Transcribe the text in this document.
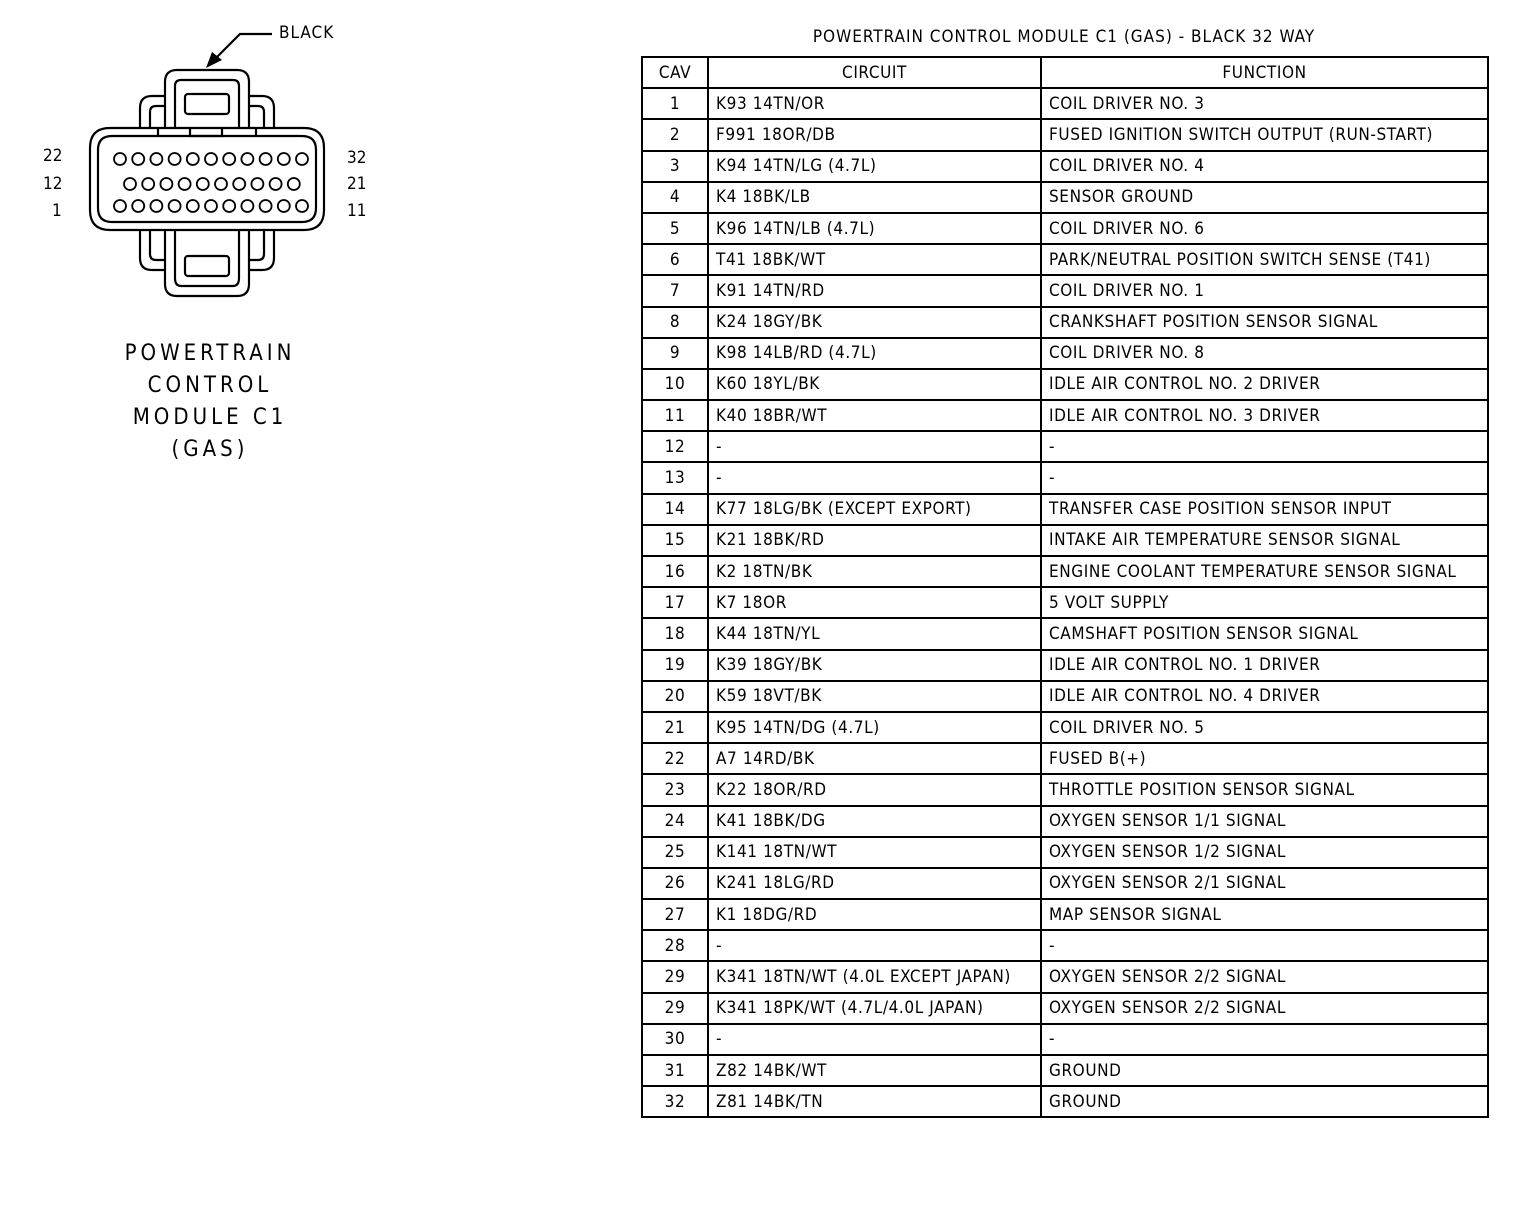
BLACK
22
12
1
32
21
11
POWERTRAIN
CONTROL
MODULE C1
(GAS)
POWERTRAIN CONTROL MODULE C1 (GAS) - BLACK 32 WAY
CAV	CIRCUIT	FUNCTION
1	K93 14TN/OR	COIL DRIVER NO. 3
2	F991 18OR/DB	FUSED IGNITION SWITCH OUTPUT (RUN-START)
3	K94 14TN/LG (4.7L)	COIL DRIVER NO. 4
4	K4 18BK/LB	SENSOR GROUND
5	K96 14TN/LB (4.7L)	COIL DRIVER NO. 6
6	T41 18BK/WT	PARK/NEUTRAL POSITION SWITCH SENSE (T41)
7	K91 14TN/RD	COIL DRIVER NO. 1
8	K24 18GY/BK	CRANKSHAFT POSITION SENSOR SIGNAL
9	K98 14LB/RD (4.7L)	COIL DRIVER NO. 8
10	K60 18YL/BK	IDLE AIR CONTROL NO. 2 DRIVER
11	K40 18BR/WT	IDLE AIR CONTROL NO. 3 DRIVER
12	-	-
13	-	-
14	K77 18LG/BK (EXCEPT EXPORT)	TRANSFER CASE POSITION SENSOR INPUT
15	K21 18BK/RD	INTAKE AIR TEMPERATURE SENSOR SIGNAL
16	K2 18TN/BK	ENGINE COOLANT TEMPERATURE SENSOR SIGNAL
17	K7 18OR	5 VOLT SUPPLY
18	K44 18TN/YL	CAMSHAFT POSITION SENSOR SIGNAL
19	K39 18GY/BK	IDLE AIR CONTROL NO. 1 DRIVER
20	K59 18VT/BK	IDLE AIR CONTROL NO. 4 DRIVER
21	K95 14TN/DG (4.7L)	COIL DRIVER NO. 5
22	A7 14RD/BK	FUSED B(+)
23	K22 18OR/RD	THROTTLE POSITION SENSOR SIGNAL
24	K41 18BK/DG	OXYGEN SENSOR 1/1 SIGNAL
25	K141 18TN/WT	OXYGEN SENSOR 1/2 SIGNAL
26	K241 18LG/RD	OXYGEN SENSOR 2/1 SIGNAL
27	K1 18DG/RD	MAP SENSOR SIGNAL
28	-	-
29	K341 18TN/WT (4.0L EXCEPT JAPAN)	OXYGEN SENSOR 2/2 SIGNAL
29	K341 18PK/WT (4.7L/4.0L JAPAN)	OXYGEN SENSOR 2/2 SIGNAL
30	-	-
31	Z82 14BK/WT	GROUND
32	Z81 14BK/TN	GROUND
